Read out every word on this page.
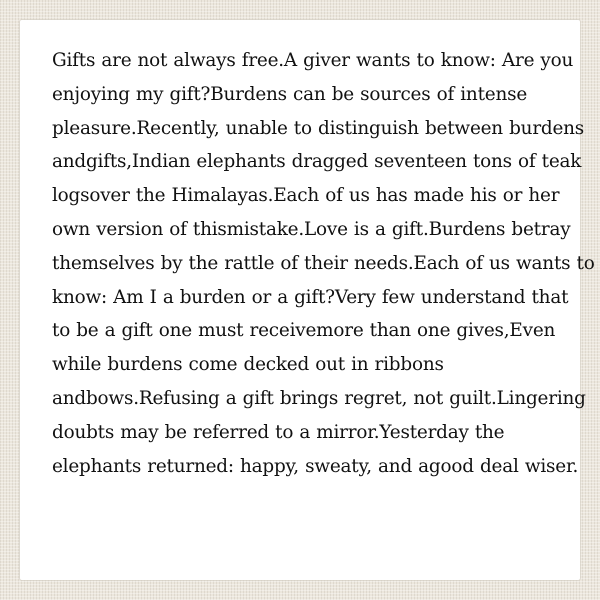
Gifts are not always free.A giver wants to know: Are you
enjoying my gift?Burdens can be sources of intense
pleasure.Recently, unable to distinguish between burdens
andgifts,Indian elephants dragged seventeen tons of teak
logsover the Himalayas.Each of us has made his or her
own version of thismistake.Love is a gift.Burdens betray
themselves by the rattle of their needs.Each of us wants to
know: Am I a burden or a gift?Very few understand that
to be a gift one must receivemore than one gives,Even
while burdens come decked out in ribbons
andbows.Refusing a gift brings regret, not guilt.Lingering
doubts may be referred to a mirror.Yesterday the
elephants returned: happy, sweaty, and agood deal wiser.
